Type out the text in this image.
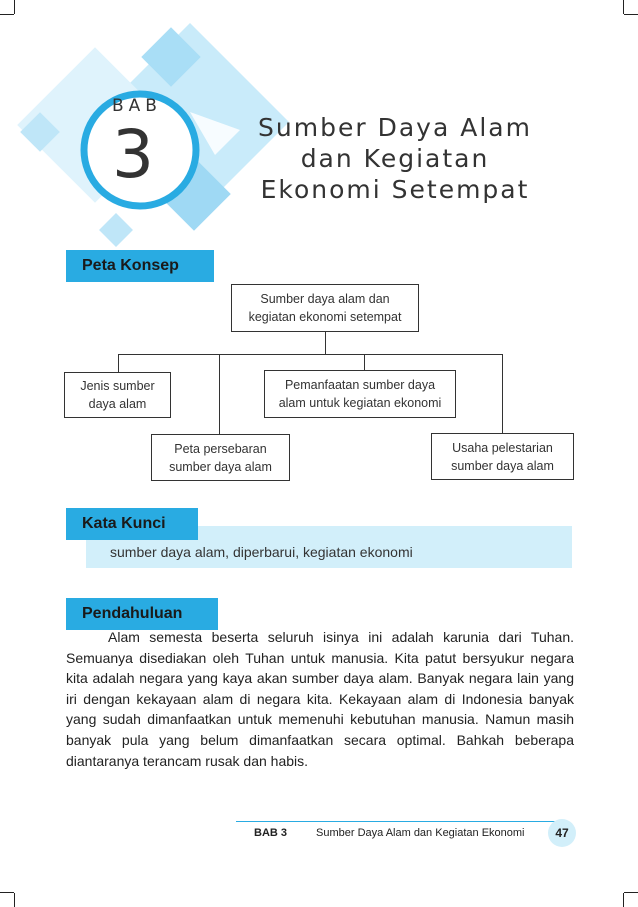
BAB
3	Sumber Daya Alam
dan Kegiatan
Ekonomi Setempat
Peta Konsep
Sumber daya alam dan
kegiatan ekonomi setempat
Jenis sumber
daya alam
Pemanfaatan sumber daya
alam untuk kegiatan ekonomi
Peta persebaran
sumber daya alam
Usaha pelestarian
sumber daya alam
Kata Kunci
sumber daya alam, diperbarui, kegiatan ekonomi
Pendahuluan

Alam semesta beserta seluruh isinya ini adalah karunia dari Tuhan. Semuanya disediakan oleh Tuhan untuk manusia. Kita patut bersyukur negara kita adalah negara yang kaya akan sumber daya alam. Banyak negara lain yang iri dengan kekayaan alam di negara kita. Kekayaan alam di Indonesia banyak yang sudah dimanfaatkan untuk memenuhi kebutuhan manusia. Namun masih banyak pula yang belum dimanfaatkan secara optimal. Bahkah beberapa diantaranya terancam rusak dan habis.

BAB 3	Sumber Daya Alam dan Kegiatan Ekonomi	47
